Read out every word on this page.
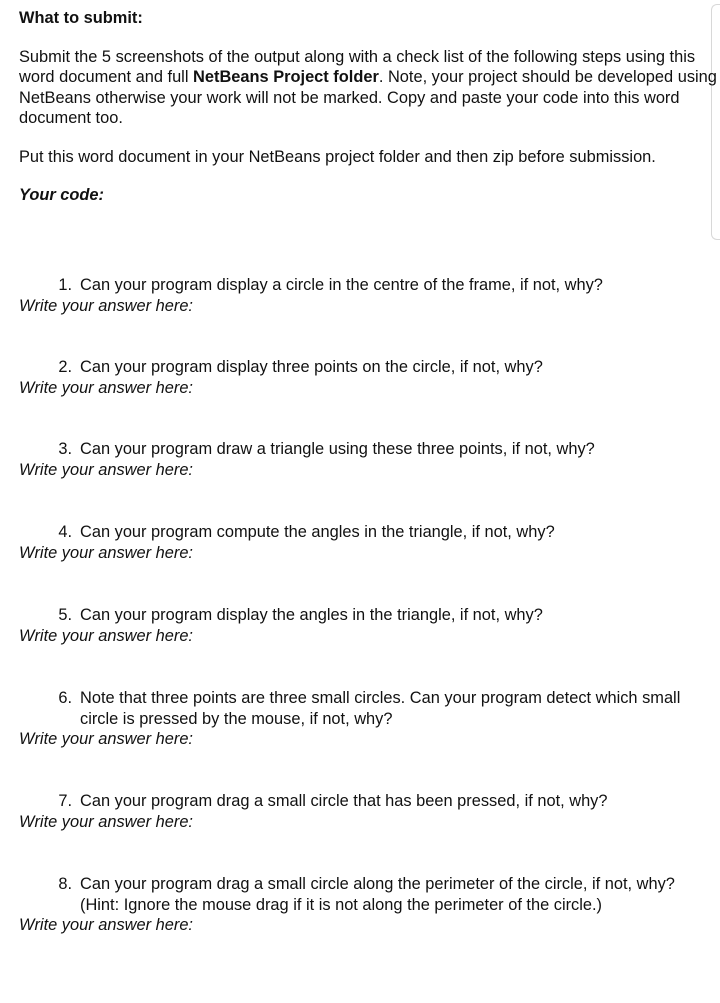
What to submit:

Submit the 5 screenshots of the output along with a check list of the following steps using this word document and full NetBeans Project folder. Note, your project should be developed using NetBeans otherwise your work will not be marked. Copy and paste your code into this word document too.

Put this word document in your NetBeans project folder and then zip before submission.

Your code:

1. Can your program display a circle in the centre of the frame, if not, why?

Write your answer here:

2. Can your program display three points on the circle, if not, why?

Write your answer here:

3. Can your program draw a triangle using these three points, if not, why?

Write your answer here:

4. Can your program compute the angles in the triangle, if not, why?

Write your answer here:

5. Can your program display the angles in the triangle, if not, why?

Write your answer here:

6. Note that three points are three small circles. Can your program detect which small circle is pressed by the mouse, if not, why?

Write your answer here:

7. Can your program drag a small circle that has been pressed, if not, why?

Write your answer here:

8. Can your program drag a small circle along the perimeter of the circle, if not, why? (Hint: Ignore the mouse drag if it is not along the perimeter of the circle.)

Write your answer here:
